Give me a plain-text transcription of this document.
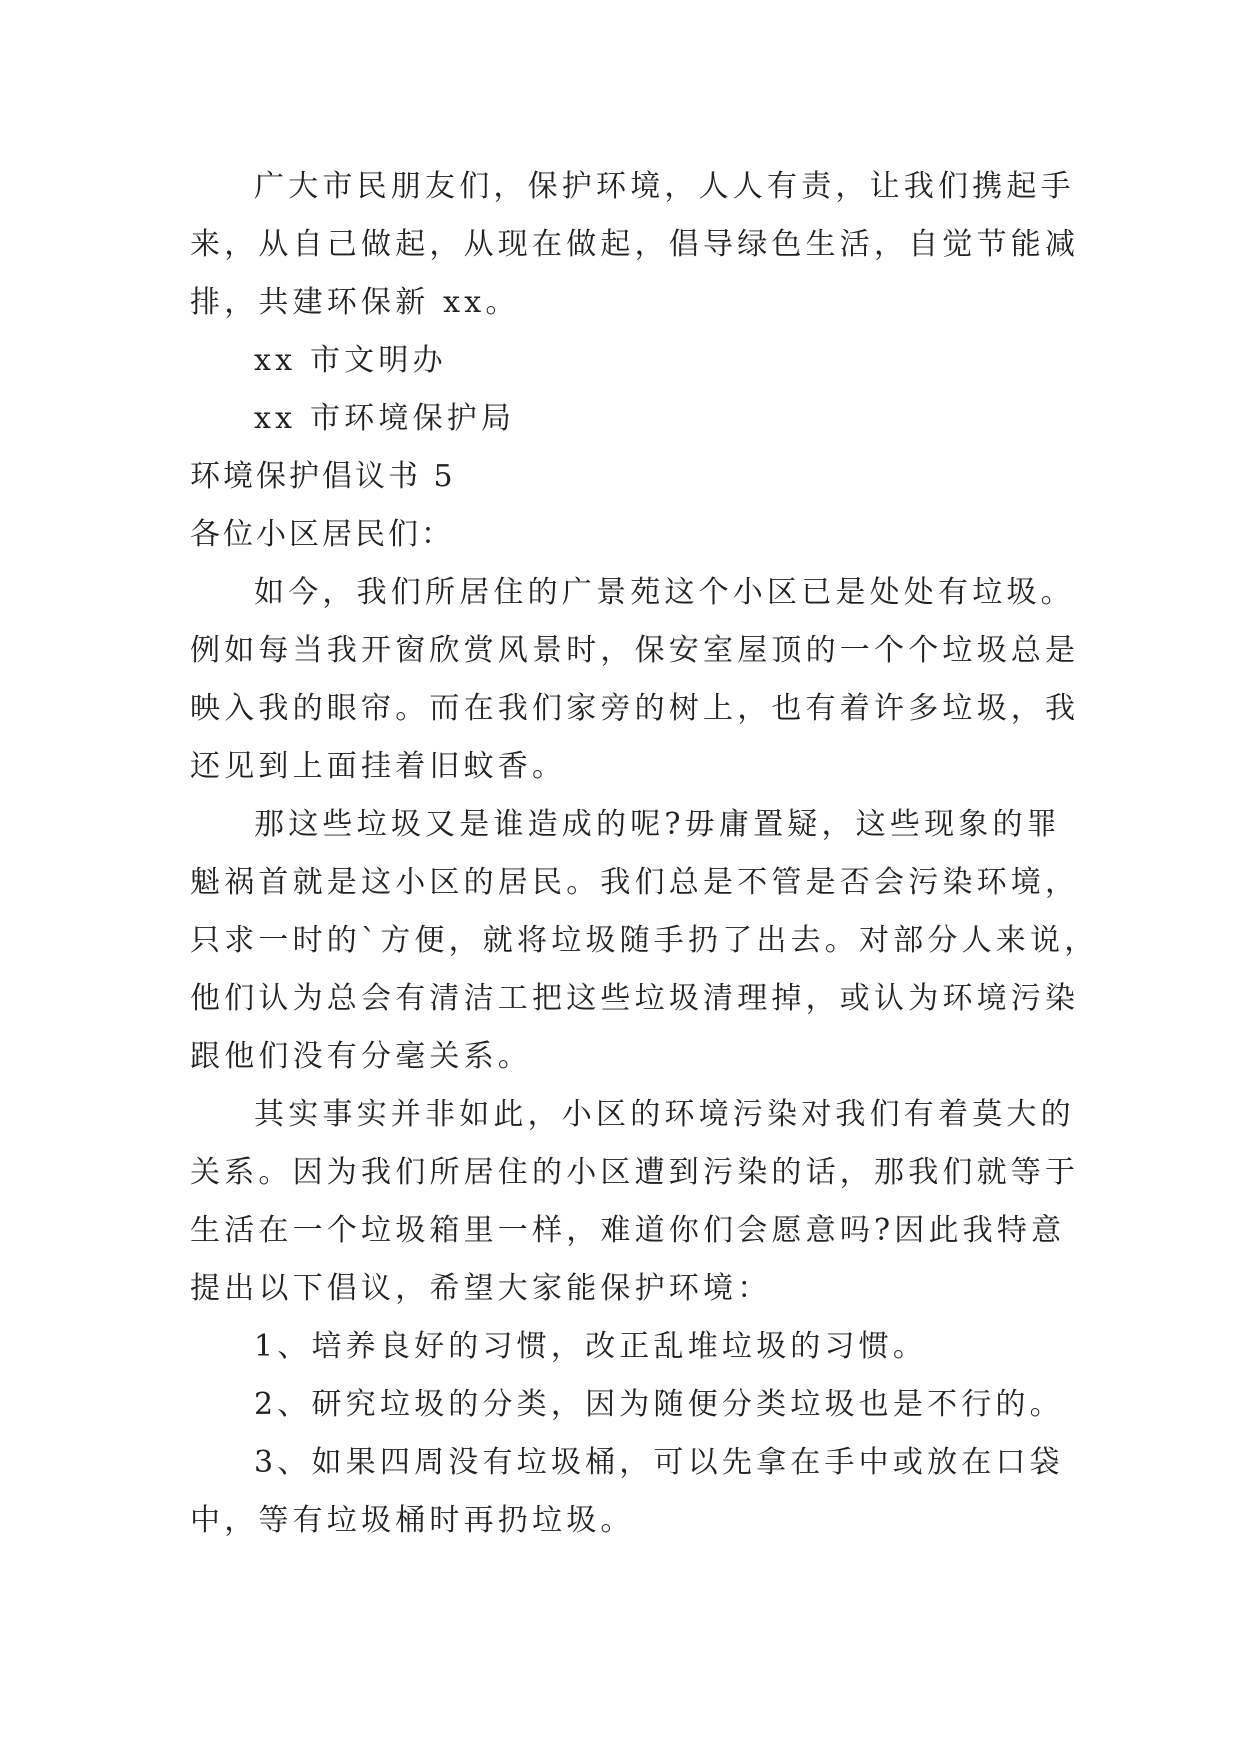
广大市民朋友们，保护环境，人人有责，让我们携起手
来，从自己做起，从现在做起，倡导绿色生活，自觉节能减
排，共建环保新 xx。
xx 市文明办
xx 市环境保护局
环境保护倡议书 5
各位小区居民们：
如今，我们所居住的广景苑这个小区已是处处有垃圾。
例如每当我开窗欣赏风景时，保安室屋顶的一个个垃圾总是
映入我的眼帘。而在我们家旁的树上，也有着许多垃圾，我
还见到上面挂着旧蚊香。
那这些垃圾又是谁造成的呢?毋庸置疑，这些现象的罪
魁祸首就是这小区的居民。我们总是不管是否会污染环境，
只求一时的`方便，就将垃圾随手扔了出去。对部分人来说，
他们认为总会有清洁工把这些垃圾清理掉，或认为环境污染
跟他们没有分毫关系。
其实事实并非如此，小区的环境污染对我们有着莫大的
关系。因为我们所居住的小区遭到污染的话，那我们就等于
生活在一个垃圾箱里一样，难道你们会愿意吗?因此我特意
提出以下倡议，希望大家能保护环境：
1、培养良好的习惯，改正乱堆垃圾的习惯。
2、研究垃圾的分类，因为随便分类垃圾也是不行的。
3、如果四周没有垃圾桶，可以先拿在手中或放在口袋
中，等有垃圾桶时再扔垃圾。
